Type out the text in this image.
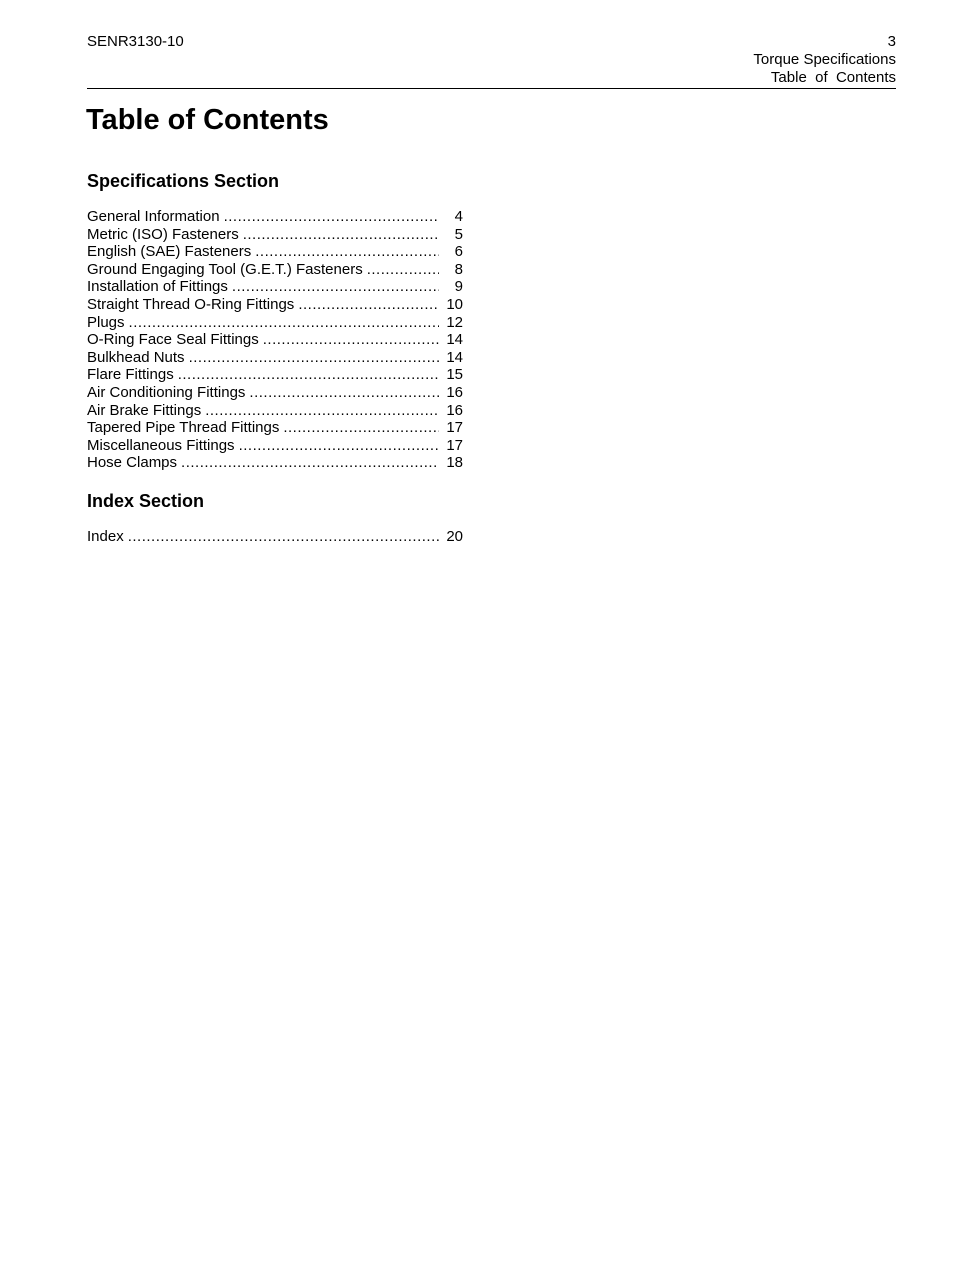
SENR3130-10	3
Torque Specifications
Table  of  Contents
Table of Contents
Specifications Section
General Information .....	4
Metric (ISO) Fasteners .....	5
English (SAE) Fasteners .....	6
Ground Engaging Tool (G.E.T.) Fasteners .....	8
Installation of Fittings .....	9
Straight Thread O-Ring Fittings .....	10
Plugs .....	12
O-Ring Face Seal Fittings .....	14
Bulkhead Nuts .....	14
Flare Fittings .....	15
Air Conditioning Fittings .....	16
Air Brake Fittings .....	16
Tapered Pipe Thread Fittings .....	17
Miscellaneous Fittings .....	17
Hose Clamps .....	18
Index Section
Index .....	20
